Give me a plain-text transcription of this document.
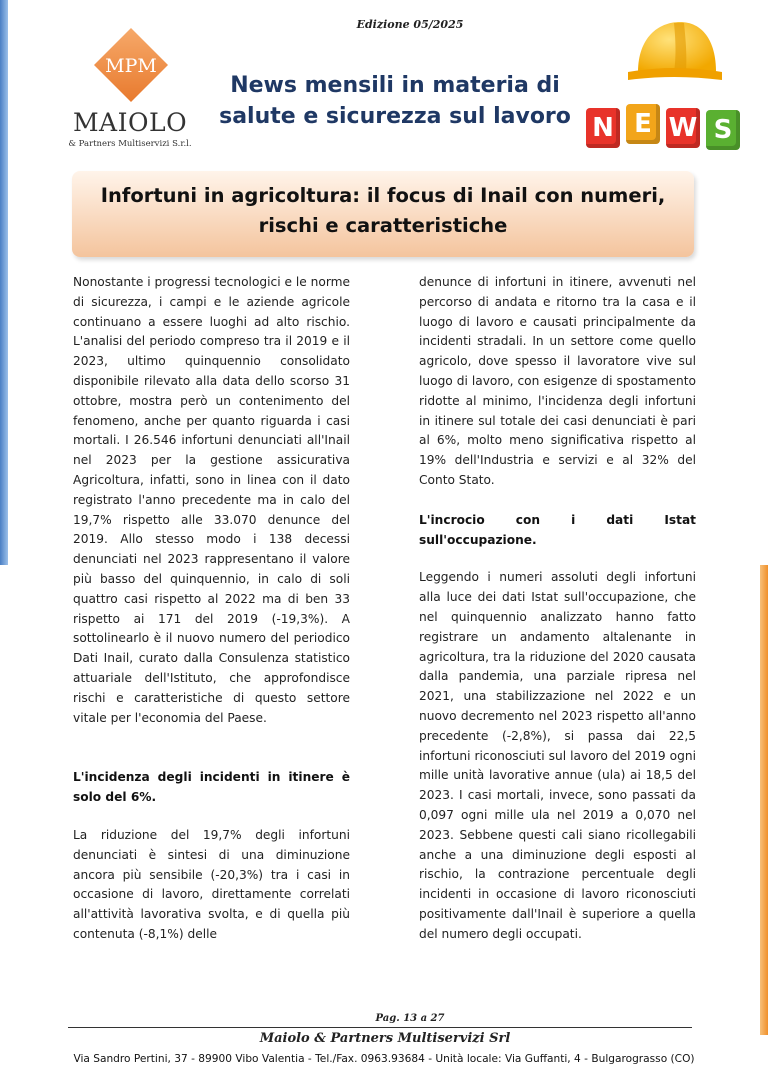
Edizione 05/2025
MPM
MAIOLO
& Partners Multiservizi S.r.l.
News mensili in materia di
salute e sicurezza sul lavoro N E W S
Infortuni in agricoltura: il focus di Inail con numeri,
rischi e caratteristiche

Nonostante i progressi tecnologici e le norme di sicurezza, i campi e le aziende agricole continuano a essere luoghi ad alto rischio. L'analisi del periodo compreso tra il 2019 e il 2023, ultimo quinquennio consolidato disponibile rilevato alla data dello scorso 31 ottobre, mostra però un contenimento del fenomeno, anche per quanto riguarda i casi mortali. I 26.546 infortuni denunciati all'Inail nel 2023 per la gestione assicurativa Agricoltura, infatti, sono in linea con il dato registrato l'anno precedente ma in calo del 19,7% rispetto alle 33.070 denunce del 2019. Allo stesso modo i 138 decessi denunciati nel 2023 rappresentano il valore più basso del quinquennio, in calo di soli quattro casi rispetto al 2022 ma di ben 33 rispetto ai 171 del 2019 (-19,3%). A sottolinearlo è il nuovo numero del periodico Dati Inail, curato dalla Consulenza statistico attuariale dell'Istituto, che approfondisce rischi e caratteristiche di questo settore vitale per l'economia del Paese.

L'incidenza degli incidenti in itinere è solo del 6%.

La riduzione del 19,7% degli infortuni denunciati è sintesi di una diminuzione ancora più sensibile (-20,3%) tra i casi in occasione di lavoro, direttamente correlati all'attività lavorativa svolta, e di quella più contenuta (-8,1%) delle

denunce di infortuni in itinere, avvenuti nel percorso di andata e ritorno tra la casa e il luogo di lavoro e causati principalmente da incidenti stradali. In un settore come quello agricolo, dove spesso il lavoratore vive sul luogo di lavoro, con esigenze di spostamento ridotte al minimo, l'incidenza degli infortuni in itinere sul totale dei casi denunciati è pari al 6%, molto meno significativa rispetto al 19% dell'Industria e servizi e al 32% del Conto Stato.

L'incrocio con i dati Istat sull'occupazione.

Leggendo i numeri assoluti degli infortuni alla luce dei dati Istat sull'occupazione, che nel quinquennio analizzato hanno fatto registrare un andamento altalenante in agricoltura, tra la riduzione del 2020 causata dalla pandemia, una parziale ripresa nel 2021, una stabilizzazione nel 2022 e un nuovo decremento nel 2023 rispetto all'anno precedente (-2,8%), si passa dai 22,5 infortuni riconosciuti sul lavoro del 2019 ogni mille unità lavorative annue (ula) ai 18,5 del 2023. I casi mortali, invece, sono passati da 0,097 ogni mille ula nel 2019 a 0,070 nel 2023. Sebbene questi cali siano ricollegabili anche a una diminuzione degli esposti al rischio, la contrazione percentuale degli incidenti in occasione di lavoro riconosciuti positivamente dall'Inail è superiore a quella del numero degli occupati.

Pag. 13 a 27
Maiolo & Partners Multiservizi Srl
Via Sandro Pertini, 37 - 89900 Vibo Valentia - Tel./Fax. 0963.93684 - Unità locale: Via Guffanti, 4 - Bulgarograsso (CO)
